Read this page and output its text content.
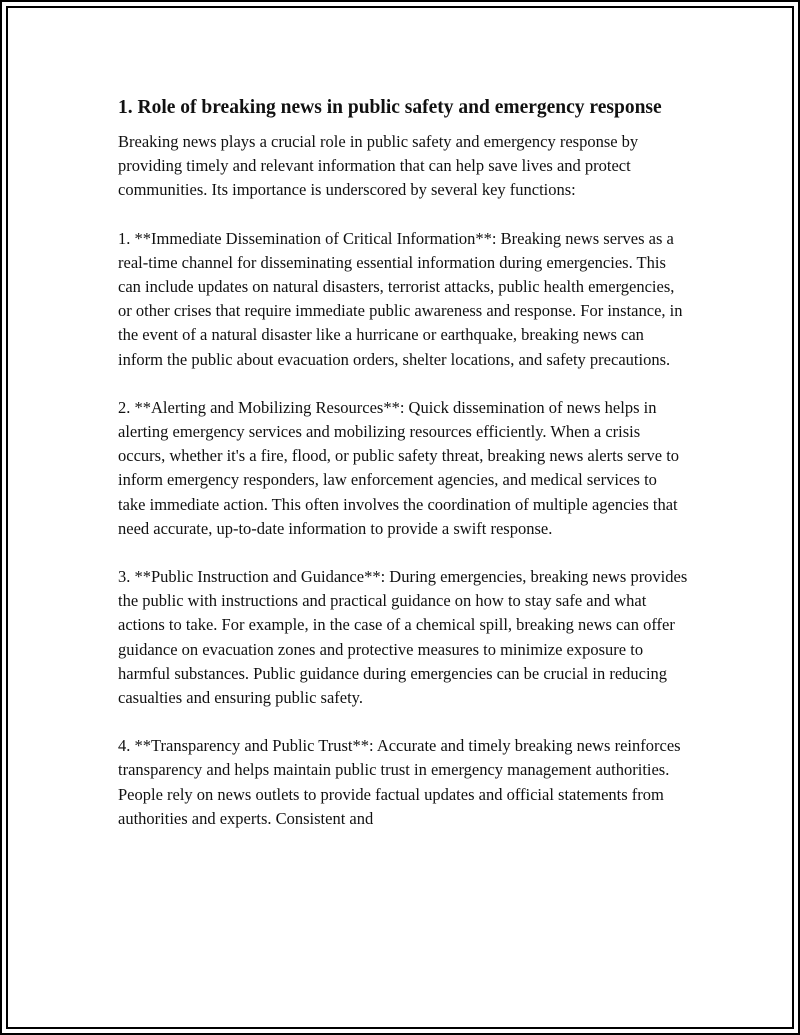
1. Role of breaking news in public safety and emergency response

Breaking news plays a crucial role in public safety and emergency response by providing timely and relevant information that can help save lives and protect communities. Its importance is underscored by several key functions:

1. **Immediate Dissemination of Critical Information**: Breaking news serves as a real-time channel for disseminating essential information during emergencies. This can include updates on natural disasters, terrorist attacks, public health emergencies, or other crises that require immediate public awareness and response. For instance, in the event of a natural disaster like a hurricane or earthquake, breaking news can inform the public about evacuation orders, shelter locations, and safety precautions.

2. **Alerting and Mobilizing Resources**: Quick dissemination of news helps in alerting emergency services and mobilizing resources efficiently. When a crisis occurs, whether it's a fire, flood, or public safety threat, breaking news alerts serve to inform emergency responders, law enforcement agencies, and medical services to take immediate action. This often involves the coordination of multiple agencies that need accurate, up-to-date information to provide a swift response.

3. **Public Instruction and Guidance**: During emergencies, breaking news provides the public with instructions and practical guidance on how to stay safe and what actions to take. For example, in the case of a chemical spill, breaking news can offer guidance on evacuation zones and protective measures to minimize exposure to harmful substances. Public guidance during emergencies can be crucial in reducing casualties and ensuring public safety.

4. **Transparency and Public Trust**: Accurate and timely breaking news reinforces transparency and helps maintain public trust in emergency management authorities. People rely on news outlets to provide factual updates and official statements from authorities and experts. Consistent and
